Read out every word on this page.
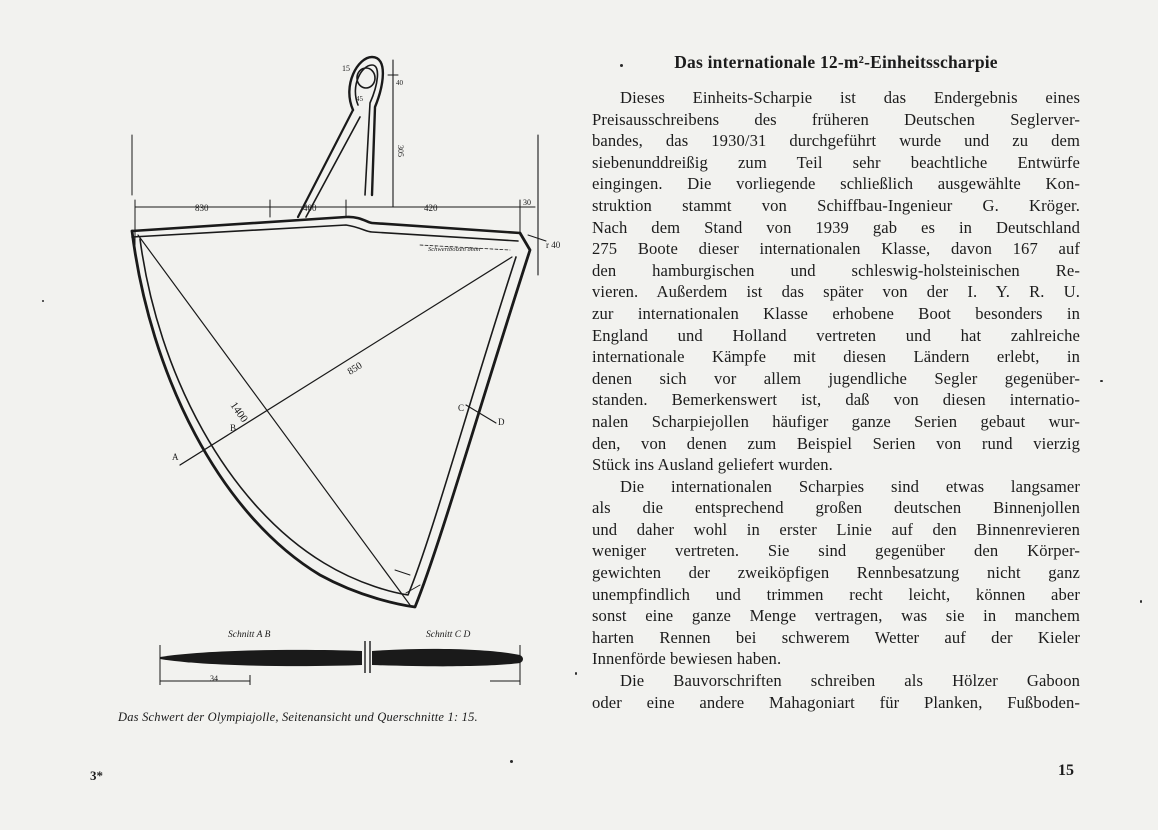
830	400	420
30
305
1400
850
r 40
15
45
40
Schwertbolzen 8mm
A
B
C
D
Schnitt A B	Schnitt C D
34
Das Schwert der Olympiajolle, Seitenansicht und Querschnitte 1: 15.
3*
Das internationale 12-m²-Einheitsscharpie

Dieses Einheits-Scharpie ist das Endergebnis eines
Preisausschreibens des früheren Deutschen Seglerver-
bandes, das 1930/31 durchgeführt wurde und zu dem
siebenunddreißig zum Teil sehr beachtliche Entwürfe
eingingen. Die vorliegende schließlich ausgewählte Kon-
struktion stammt von Schiffbau-Ingenieur G. Kröger.
Nach dem Stand von 1939 gab es in Deutschland
275 Boote dieser internationalen Klasse, davon 167 auf
den hamburgischen und schleswig-holsteinischen Re-
vieren. Außerdem ist das später von der I. Y. R. U.
zur internationalen Klasse erhobene Boot besonders in
England und Holland vertreten und hat zahlreiche
internationale Kämpfe mit diesen Ländern erlebt, in
denen sich vor allem jugendliche Segler gegenüber-
standen. Bemerkenswert ist, daß von diesen internatio-
nalen Scharpiejollen häufiger ganze Serien gebaut wur-
den, von denen zum Beispiel Serien von rund vierzig
Stück ins Ausland geliefert wurden.

Die internationalen Scharpies sind etwas langsamer
als die entsprechend großen deutschen Binnenjollen
und daher wohl in erster Linie auf den Binnenrevieren
weniger vertreten. Sie sind gegenüber den Körper-
gewichten der zweiköpfigen Rennbesatzung nicht ganz
unempfindlich und trimmen recht leicht, können aber
sonst eine ganze Menge vertragen, was sie in manchem
harten Rennen bei schwerem Wetter auf der Kieler
Innenförde bewiesen haben.

Die Bauvorschriften schreiben als Hölzer Gaboon
oder eine andere Mahagoniart für Planken, Fußboden-

15
